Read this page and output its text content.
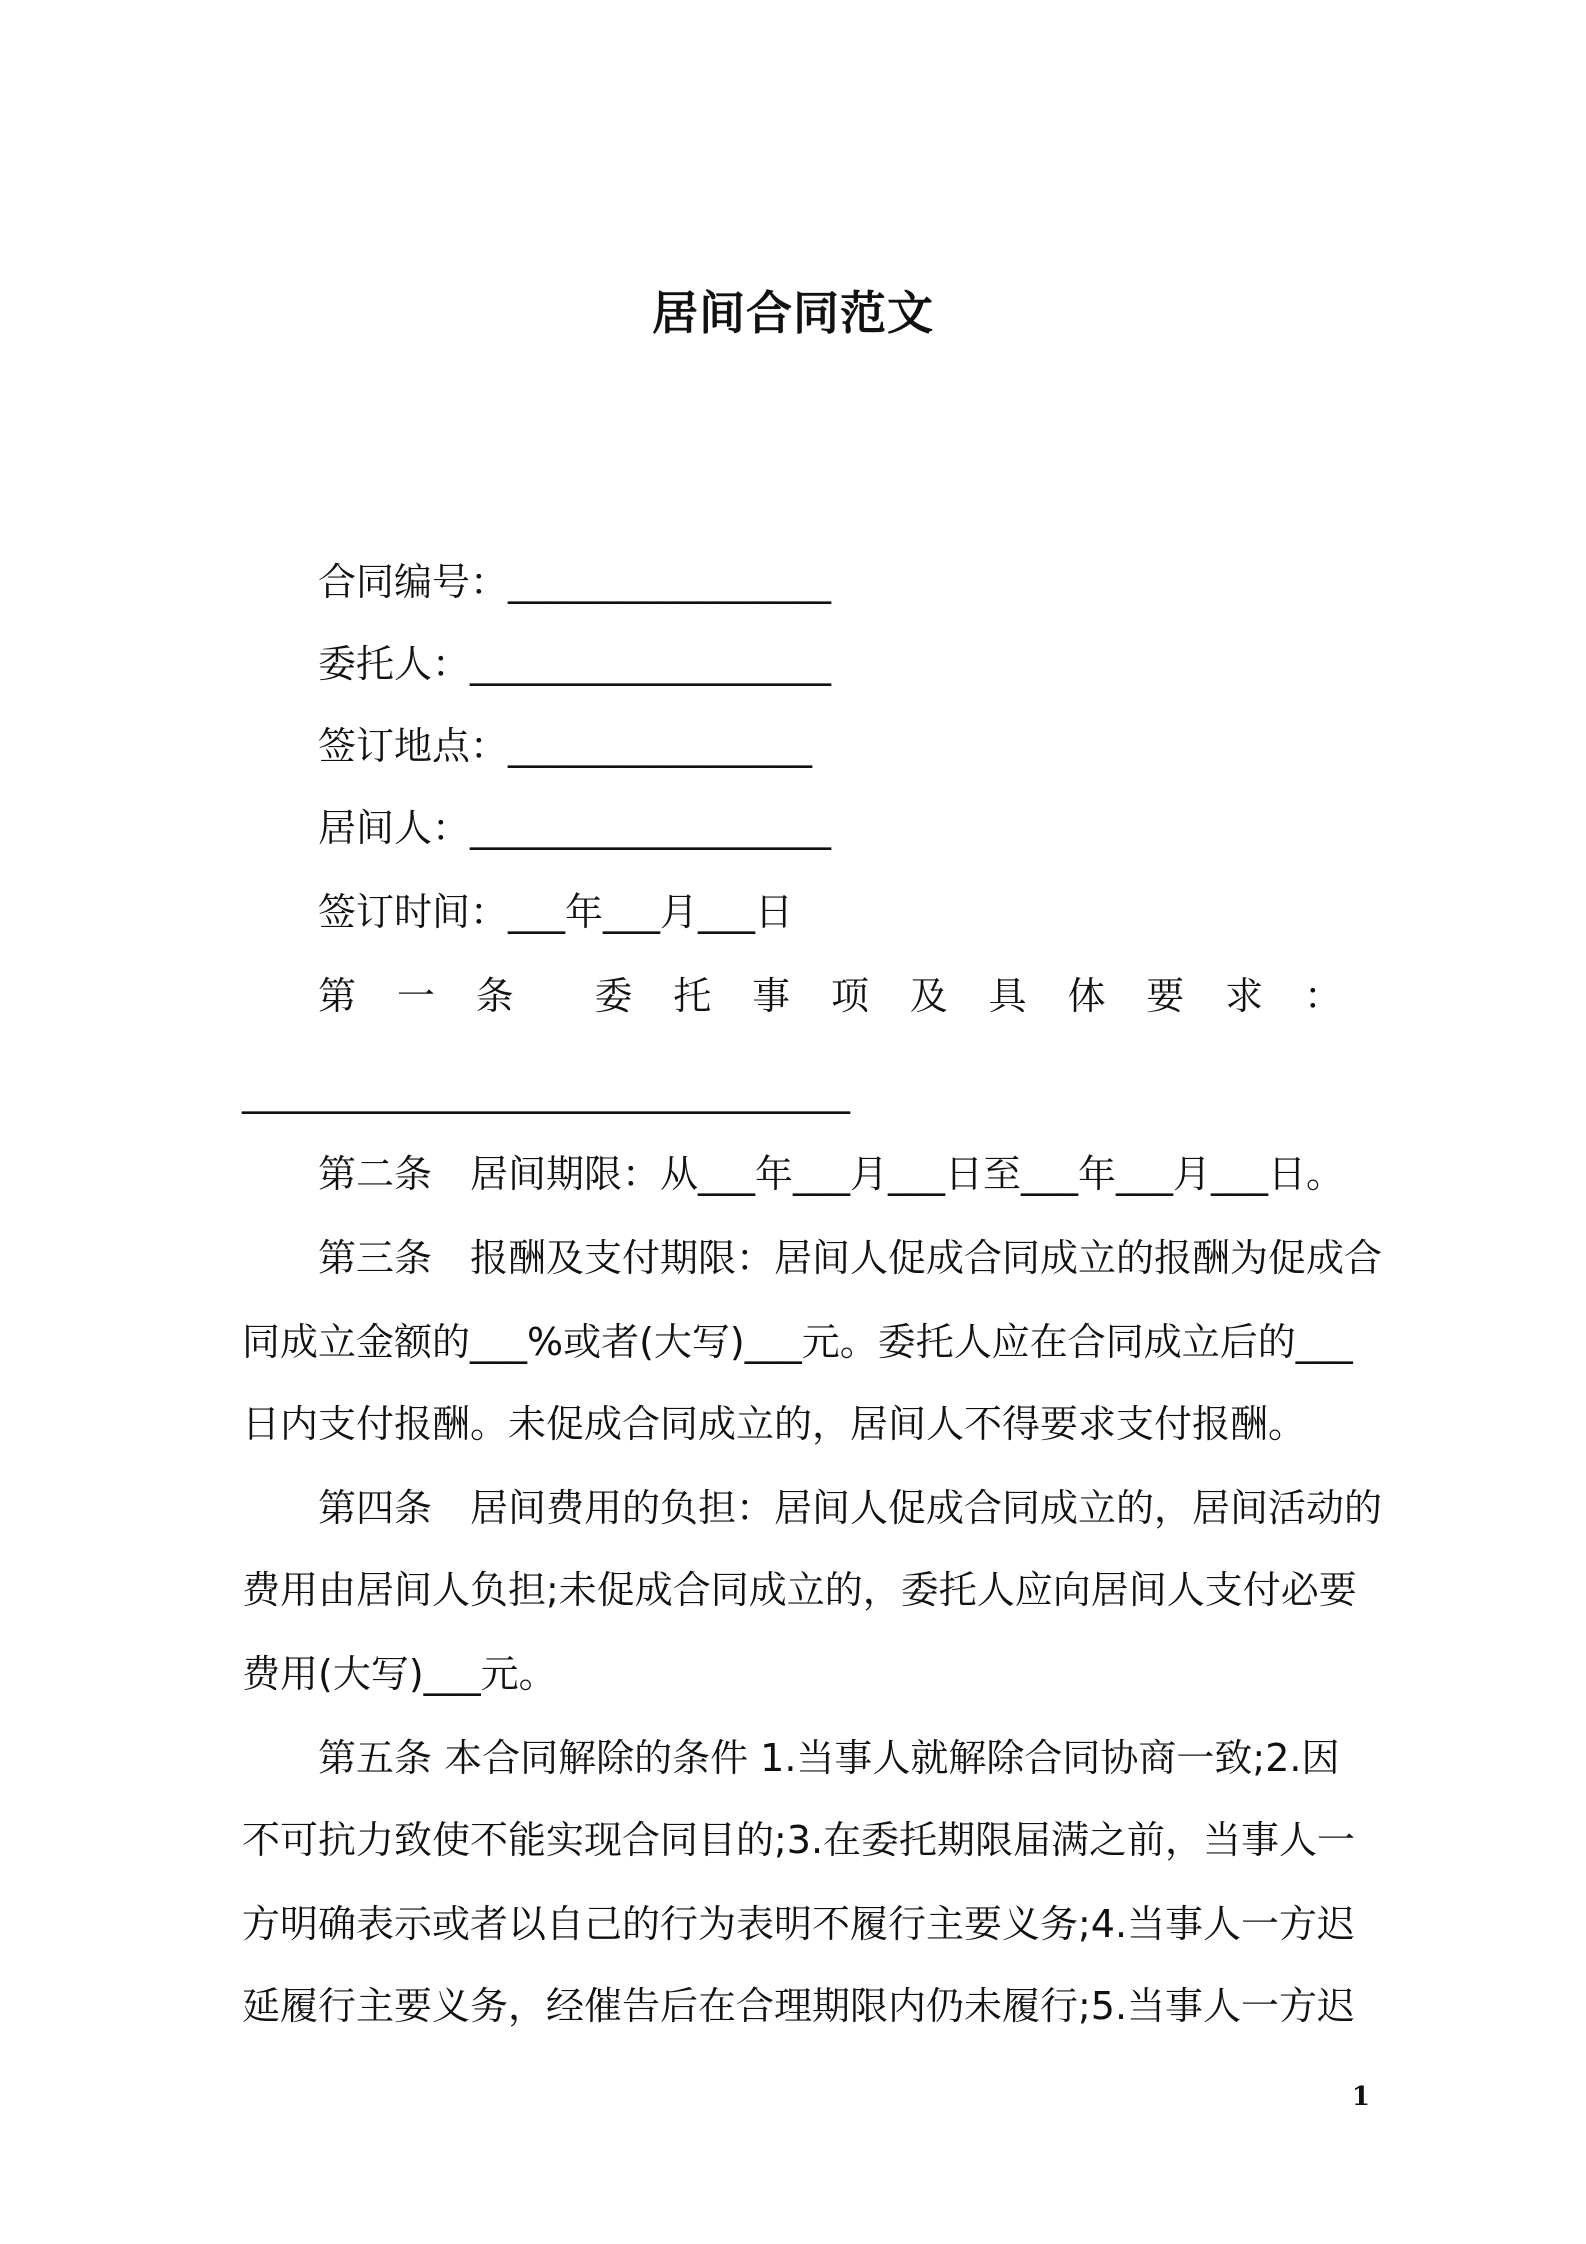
居间合同范文
合同编号：_________________
委托人：___________________
签订地点：________________
居间人：___________________
签订时间：___年___月___日
第 一 条 委 托 事 项 及 具 体 要 求 ：
________________________________
第二条　居间期限：从___年___月___日至___年___月___日。
第三条　报酬及支付期限：居间人促成合同成立的报酬为促成合
同成立金额的___%或者(大写)___元。委托人应在合同成立后的___
日内支付报酬。未促成合同成立的，居间人不得要求支付报酬。
第四条　居间费用的负担：居间人促成合同成立的，居间活动的
费用由居间人负担;未促成合同成立的，委托人应向居间人支付必要
费用(大写)___元。
第五条 本合同解除的条件 1.当事人就解除合同协商一致;2.因
不可抗力致使不能实现合同目的;3.在委托期限届满之前，当事人一
方明确表示或者以自己的行为表明不履行主要义务;4.当事人一方迟
延履行主要义务，经催告后在合理期限内仍未履行;5.当事人一方迟
1
